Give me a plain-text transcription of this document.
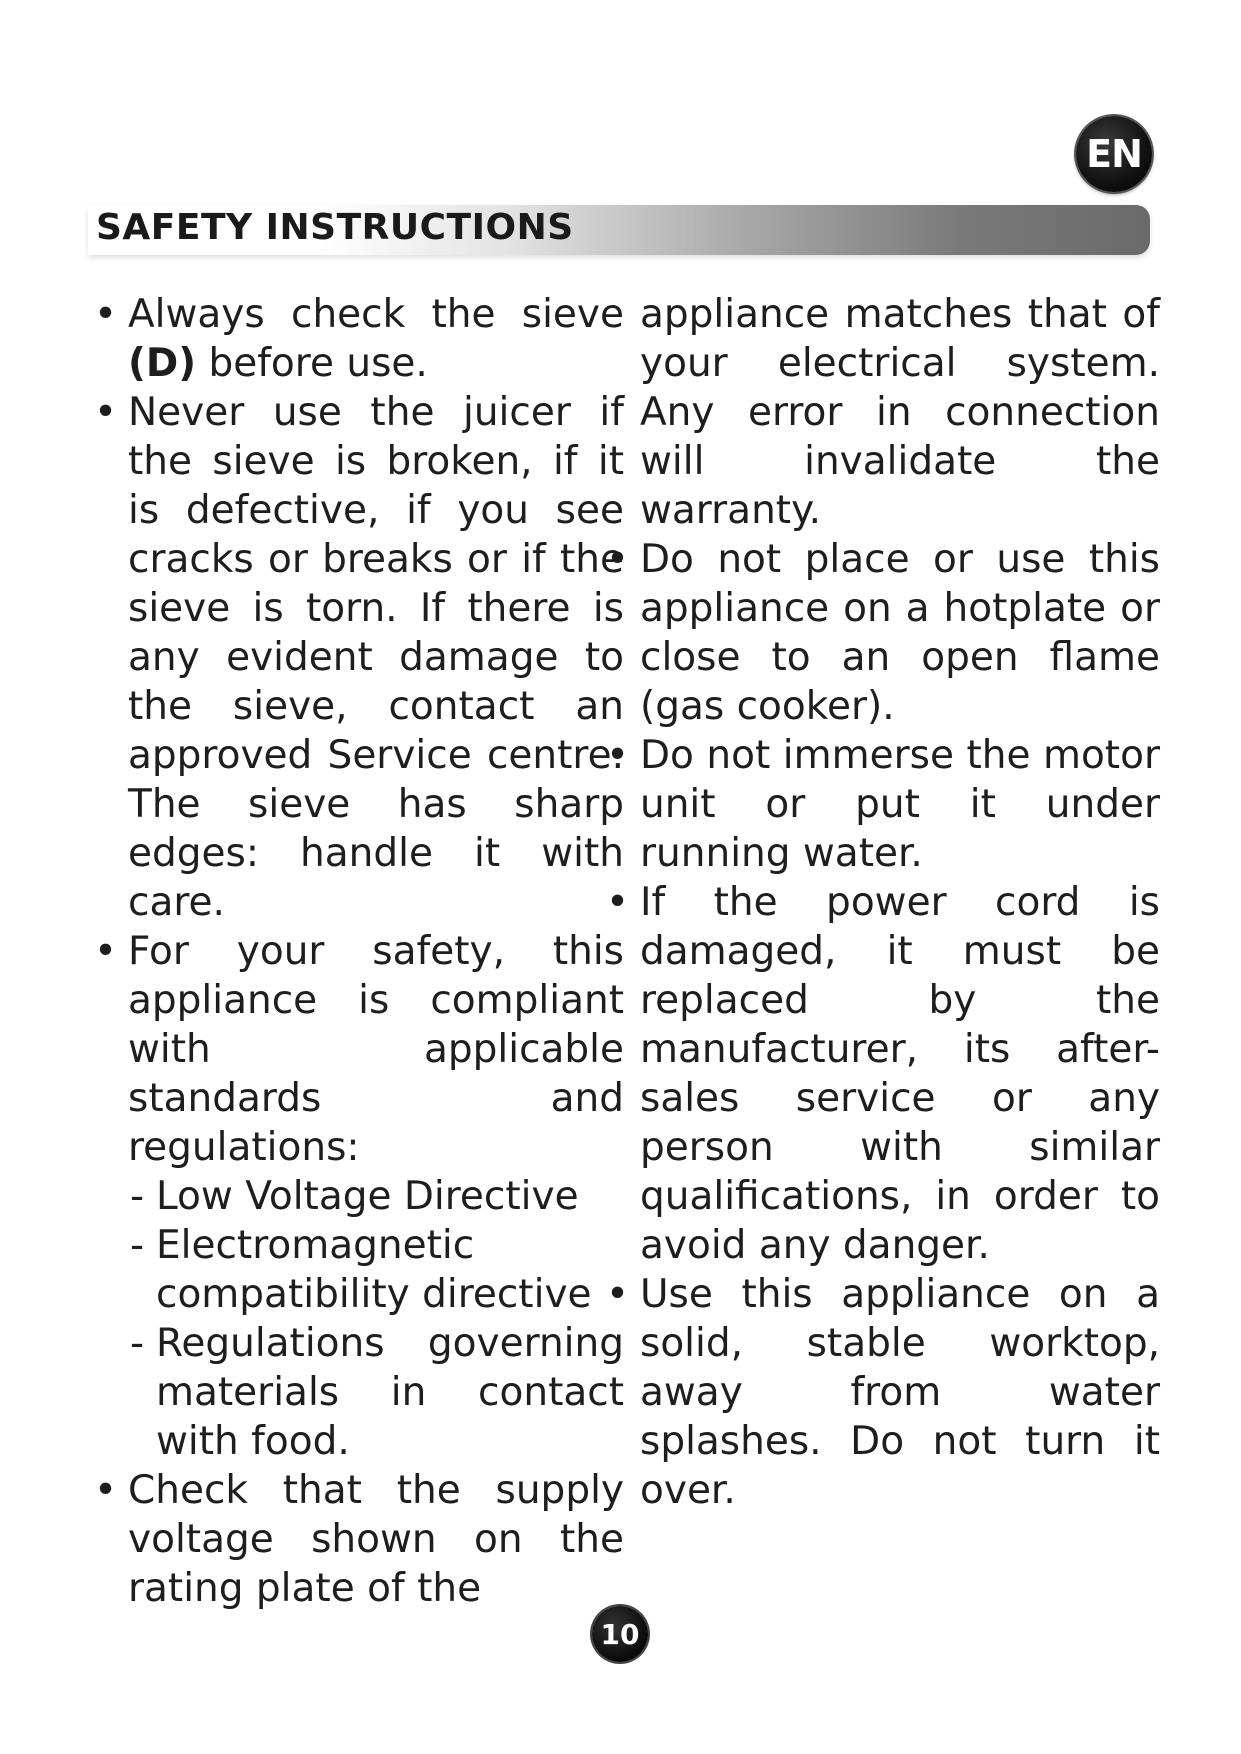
EN
SAFETY INSTRUCTIONS
• Always check the sieve (D) before use.
• Never use the juicer if the sieve is broken, if it is defective, if you see cracks or breaks or if the sieve is torn. If there is any evident damage to the sieve, contact an approved Service centre. The sieve has sharp edges: handle it with care.
• For your safety, this appliance is compliant with applicable standards and regulations:
- Low Voltage Directive
- Electromagnetic compatibility directive
- Regulations governing materials in contact with food.
• Check that the supply voltage shown on the rating plate of the
appliance matches that of your electrical system. Any error in connection will invalidate the warranty.
• Do not place or use this appliance on a hotplate or close to an open flame (gas cooker).
• Do not immerse the motor unit or put it under running water.
• If the power cord is damaged, it must be replaced by the manufacturer, its after-sales service or any person with similar qualifications, in order to avoid any danger.
• Use this appliance on a solid, stable worktop, away from water splashes. Do not turn it over.
10
